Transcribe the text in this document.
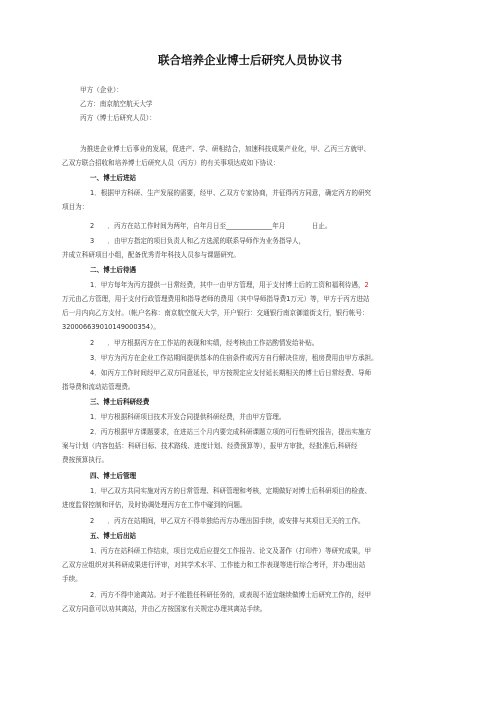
联合培养企业博士后研究人员协议书
甲方（企业）：
乙方：南京航空航天大学
丙方（博士后研究人员）：
为推进企业博士后事业的发展，促进产、学、研相结合，加速科技成果产业化，甲、乙丙三方就甲、
乙双方联合招收和培养博士后研究人员（丙方）的有关事项达成如下协议：
一、博士后进站
1．根据甲方科研、生产发展的需要，经甲、乙双方专家协商，并征得丙方同意，确定丙方的研究
项目为：
2　　．丙方在站工作时间为两年，自年月日至______________年月　　　　日止。
3　　．由甲方指定的项目负责人和乙方选派的联系导师作为业务指导人，
并成立科研项目小组，配备优秀青年科技人员参与课题研究。
二、博士后待遇
1．甲方每年为丙方提供一日常经费，其中一由甲方管理，用于支付博士后的工资和福利待遇，2
万元由乙方管理，用于支付行政管理费用和指导老师的费用（其中导师指导费1万元）等，甲方于丙方进站
后一月内向乙方支付。（帐户名称：南京航空航天大学，开户银行：交通银行南京御道街支行，银行帐号：
320006639010149000354）。
2　　．甲方根据丙方在工作站的表现和实绩，经考核由工作站酌情发给补贴。
3．甲方为丙方在企业工作站期间提供基本的住宿条件或丙方自行解决住房，租房费用由甲方承担。
4．如丙方工作时间经甲乙双方同意延长，甲方按规定应支付延长期相关的博士后日常经费、导师
指导费和流动站管理费。
三、博士后科研经费
1．甲方根据科研项目技术开发合同提供科研经费，并由甲方管理。
2．丙方根据甲方课题要求，在进站三个月内要完成科研课题立项的可行性研究报告，提出实施方
案与计划（内容包括：科研目标、技术路线、进度计划、经费预算等），报甲方审批，经批准后,科研经
费按预算执行。
四、博士后管理
1．甲乙双方共同实施对丙方的日常管理、科研管理和考核，定期做好对博士后科研项目的检查、
进度监督控制和评估，及时协调处理丙方在工作中碰到的问题。
2　　．丙方在站期间，甲乙双方不得单独给丙方办理出国手续，或安排与其项目无关的工作。
五、博士后出站
1．丙方在站科研工作结束，项目完成后应提交工作报告、论文及著作（打印件）等研究成果，甲
乙双方应组织对其科研成果进行评审，对其学术水平、工作能力和工作表现等进行综合考评，并办理出站
手续。
2．丙方不得中途离站。对于不能胜任科研任务的，或表现不适宜继续做博士后研究工作的，经甲
乙双方同意可以劝其离站，并由乙方按国家有关规定办理其离站手续。
